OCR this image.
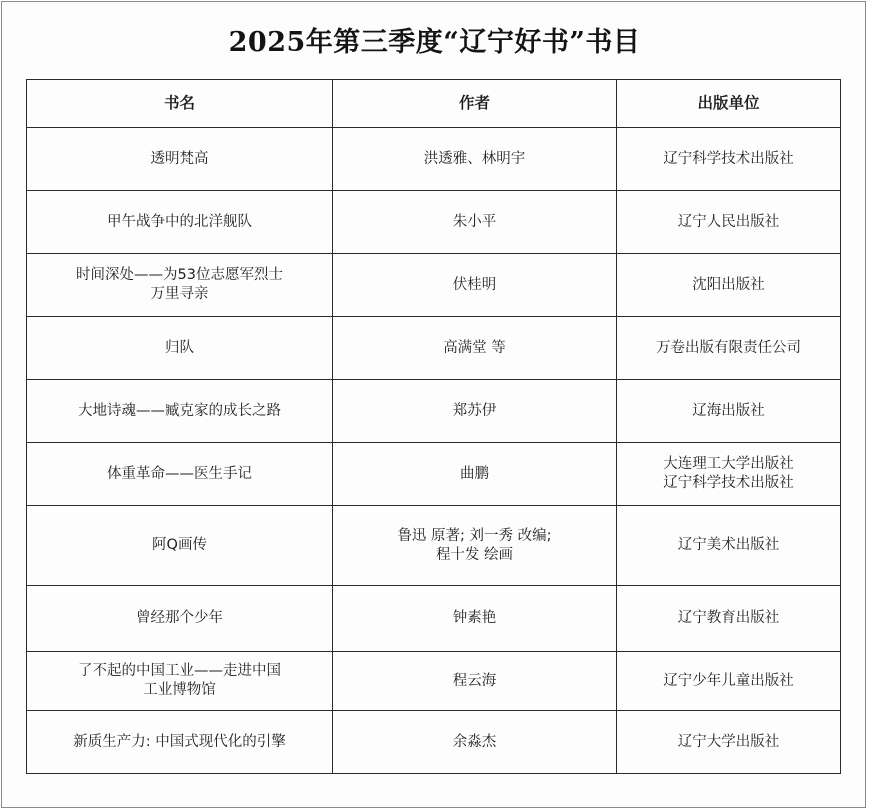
2025年第三季度“辽宁好书”书目
书名	作者	出版单位

透明梵高	洪透雅、林明宇	辽宁科学技术出版社

甲午战争中的北洋舰队	朱小平	辽宁人民出版社

时间深处——为53位志愿军烈士
万里寻亲	伏桂明	沈阳出版社

归队	高满堂 等	万卷出版有限责任公司

大地诗魂——臧克家的成长之路	郑苏伊	辽海出版社

体重革命——医生手记	曲鹏	大连理工大学出版社
辽宁科学技术出版社

阿Q画传	鲁迅 原著; 刘一秀 改编;
程十发 绘画	辽宁美术出版社

曾经那个少年	钟素艳	辽宁教育出版社

了不起的中国工业——走进中国
工业博物馆	程云海	辽宁少年儿童出版社

新质生产力: 中国式现代化的引擎	余淼杰	辽宁大学出版社
